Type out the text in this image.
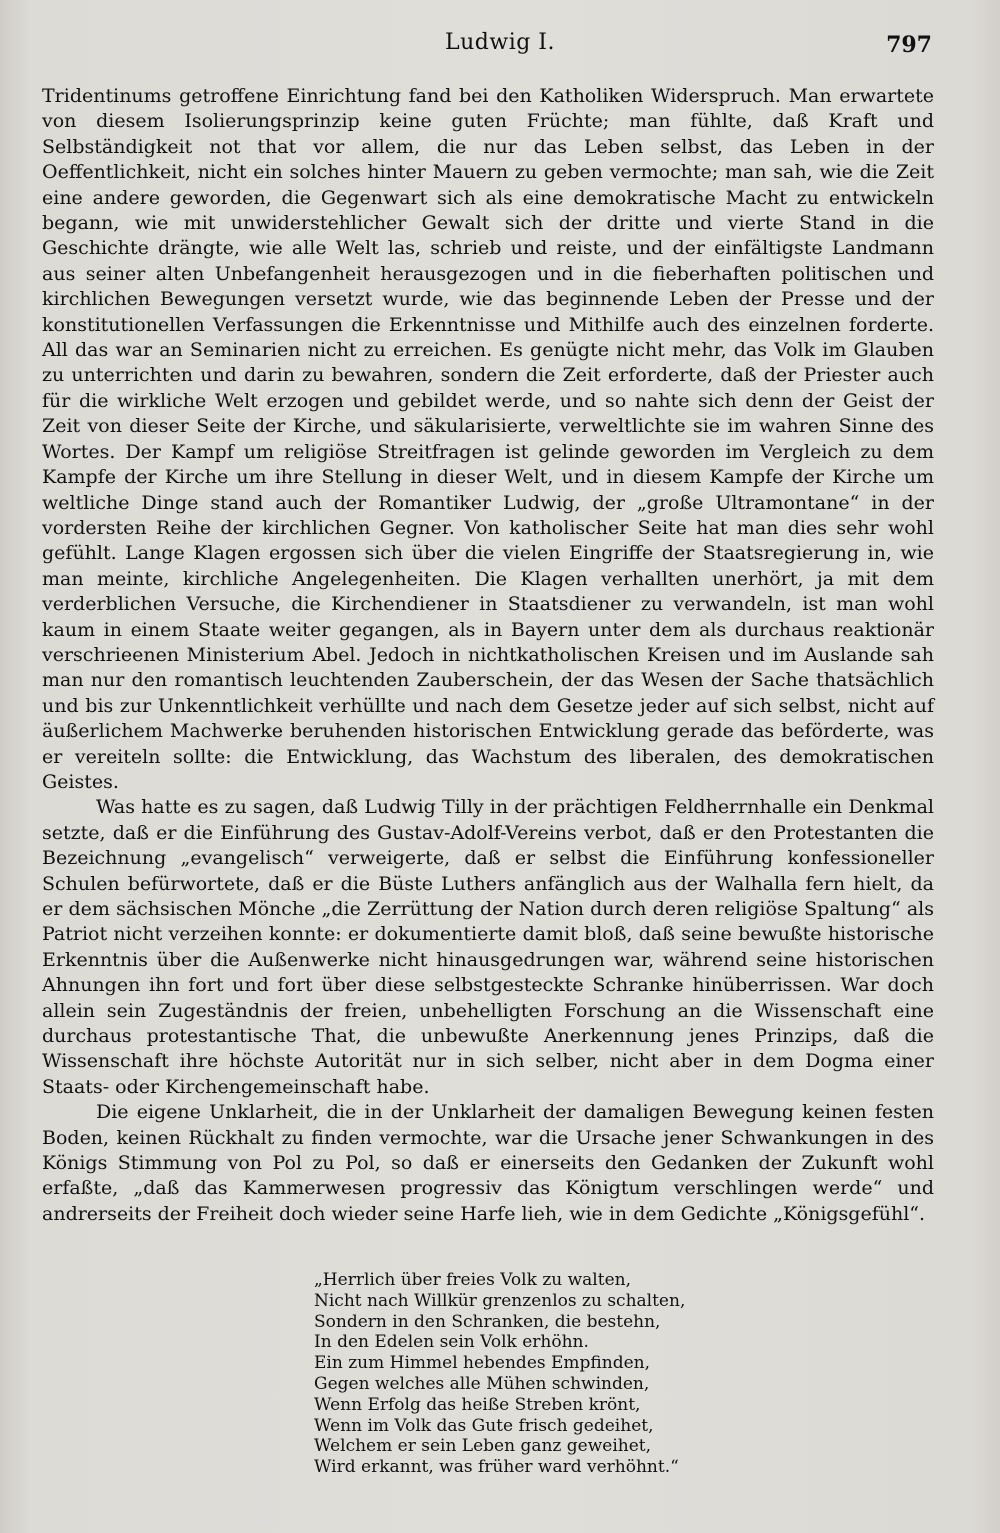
Ludwig I.	797

Tridentinums getroffene Einrichtung fand bei den Katholiken Widerspruch. Man erwartete von diesem Isolierungsprinzip keine guten Früchte; man fühlte, daß Kraft und Selbständigkeit not that vor allem, die nur das Leben selbst, das Leben in der Oeffentlichkeit, nicht ein solches hinter Mauern zu geben vermochte; man sah, wie die Zeit eine andere geworden, die Gegenwart sich als eine demokratische Macht zu entwickeln begann, wie mit unwiderstehlicher Gewalt sich der dritte und vierte Stand in die Geschichte drängte, wie alle Welt las, schrieb und reiste, und der einfältigste Landmann aus seiner alten Unbefangenheit herausgezogen und in die fieberhaften politischen und kirchlichen Bewegungen versetzt wurde, wie das beginnende Leben der Presse und der konstitutionellen Verfassungen die Erkenntnisse und Mithilfe auch des einzelnen forderte. All das war an Seminarien nicht zu erreichen. Es genügte nicht mehr, das Volk im Glauben zu unterrichten und darin zu bewahren, sondern die Zeit erforderte, daß der Priester auch für die wirkliche Welt erzogen und gebildet werde, und so nahte sich denn der Geist der Zeit von dieser Seite der Kirche, und säkularisierte, verweltlichte sie im wahren Sinne des Wortes. Der Kampf um religiöse Streitfragen ist gelinde geworden im Vergleich zu dem Kampfe der Kirche um ihre Stellung in dieser Welt, und in diesem Kampfe der Kirche um weltliche Dinge stand auch der Romantiker Ludwig, der „große Ultramontane“ in der vordersten Reihe der kirchlichen Gegner. Von katholischer Seite hat man dies sehr wohl gefühlt. Lange Klagen ergossen sich über die vielen Eingriffe der Staatsregierung in, wie man meinte, kirchliche Angelegenheiten. Die Klagen verhallten unerhört, ja mit dem verderblichen Versuche, die Kirchendiener in Staatsdiener zu verwandeln, ist man wohl kaum in einem Staate weiter gegangen, als in Bayern unter dem als durchaus reaktionär verschrieenen Ministerium Abel. Jedoch in nichtkatholischen Kreisen und im Auslande sah man nur den romantisch leuchtenden Zauberschein, der das Wesen der Sache thatsächlich und bis zur Unkenntlichkeit verhüllte und nach dem Gesetze jeder auf sich selbst, nicht auf äußerlichem Machwerke beruhenden historischen Entwicklung gerade das beförderte, was er vereiteln sollte: die Entwicklung, das Wachstum des liberalen, des demokratischen Geistes.

Was hatte es zu sagen, daß Ludwig Tilly in der prächtigen Feldherrnhalle ein Denkmal setzte, daß er die Einführung des Gustav-Adolf-Vereins verbot, daß er den Protestanten die Bezeichnung „evangelisch“ verweigerte, daß er selbst die Einführung konfessioneller Schulen befürwortete, daß er die Büste Luthers anfänglich aus der Walhalla fern hielt, da er dem sächsischen Mönche „die Zerrüttung der Nation durch deren religiöse Spaltung“ als Patriot nicht verzeihen konnte: er dokumentierte damit bloß, daß seine bewußte historische Erkenntnis über die Außenwerke nicht hinausgedrungen war, während seine historischen Ahnungen ihn fort und fort über diese selbstgesteckte Schranke hinüberrissen. War doch allein sein Zugeständnis der freien, unbehelligten Forschung an die Wissenschaft eine durchaus protestantische That, die unbewußte Anerkennung jenes Prinzips, daß die Wissenschaft ihre höchste Autorität nur in sich selber, nicht aber in dem Dogma einer Staats- oder Kirchengemeinschaft habe.

Die eigene Unklarheit, die in der Unklarheit der damaligen Bewegung keinen festen Boden, keinen Rückhalt zu finden vermochte, war die Ursache jener Schwankungen in des Königs Stimmung von Pol zu Pol, so daß er einerseits den Gedanken der Zukunft wohl erfaßte, „daß das Kammerwesen progressiv das Königtum verschlingen werde“ und andrerseits der Freiheit doch wieder seine Harfe lieh, wie in dem Gedichte „Königsgefühl“.

„Herrlich über freies Volk zu walten,
Nicht nach Willkür grenzenlos zu schalten,
Sondern in den Schranken, die bestehn,
In den Edelen sein Volk erhöhn.
Ein zum Himmel hebendes Empfinden,
Gegen welches alle Mühen schwinden,
Wenn Erfolg das heiße Streben krönt,
Wenn im Volk das Gute frisch gedeihet,
Welchem er sein Leben ganz geweihet,
Wird erkannt, was früher ward verhöhnt.“
